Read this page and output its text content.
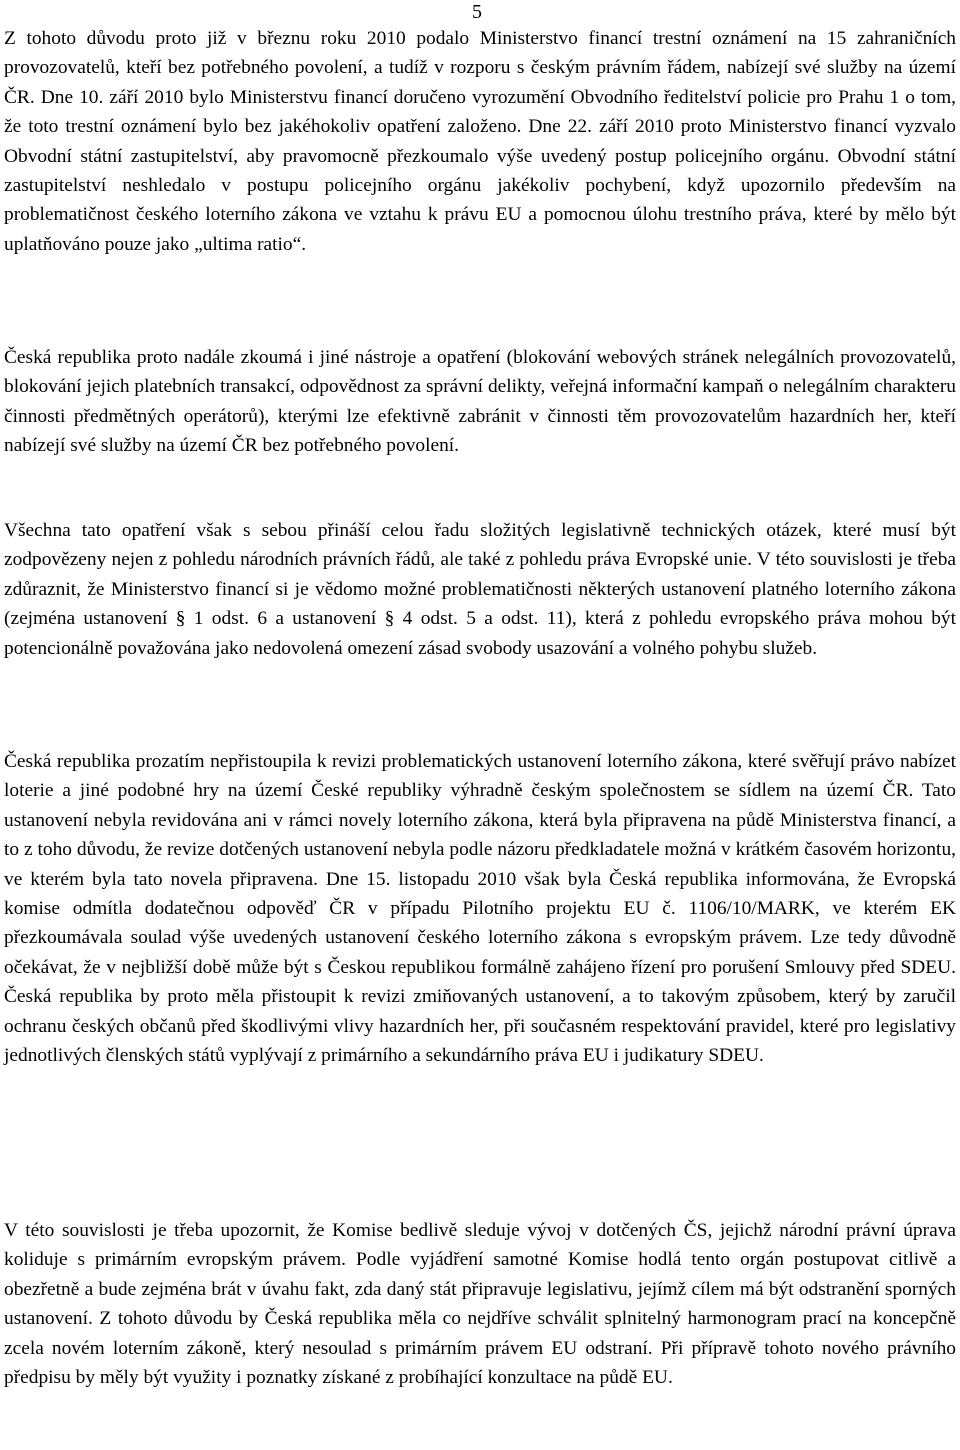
5

Z tohoto důvodu proto již v březnu roku 2010 podalo Ministerstvo financí trestní oznámení na 15 zahraničních provozovatelů, kteří bez potřebného povolení, a tudíž v rozporu s českým právním řádem, nabízejí své služby na území ČR. Dne 10. září 2010 bylo Ministerstvu financí doručeno vyrozumění Obvodního ředitelství policie pro Prahu 1 o tom, že toto trestní oznámení bylo bez jakéhokoliv opatření založeno. Dne 22. září 2010 proto Ministerstvo financí vyzvalo Obvodní státní zastupitelství, aby pravomocně přezkoumalo výše uvedený postup policejního orgánu. Obvodní státní zastupitelství neshledalo v postupu policejního orgánu jakékoliv pochybení, když upozornilo především na problematičnost českého loterního zákona ve vztahu k právu EU a pomocnou úlohu trestního práva, které by mělo být uplatňováno pouze jako „ultima ratio“.

Česká republika proto nadále zkoumá i jiné nástroje a opatření (blokování webových stránek nelegálních provozovatelů, blokování jejich platebních transakcí, odpovědnost za správní delikty, veřejná informační kampaň o nelegálním charakteru činnosti předmětných operátorů), kterými lze efektivně zabránit v činnosti těm provozovatelům hazardních her, kteří nabízejí své služby na území ČR bez potřebného povolení.

Všechna tato opatření však s sebou přináší celou řadu složitých legislativně technických otázek, které musí být zodpovězeny nejen z pohledu národních právních řádů, ale také z pohledu práva Evropské unie. V této souvislosti je třeba zdůraznit, že Ministerstvo financí si je vědomo možné problematičnosti některých ustanovení platného loterního zákona (zejména ustanovení § 1 odst. 6 a ustanovení § 4 odst. 5 a odst. 11), která z pohledu evropského práva mohou být potencionálně považována jako nedovolená omezení zásad svobody usazování a volného pohybu služeb.

Česká republika prozatím nepřistoupila k revizi problematických ustanovení loterního zákona, které svěřují právo nabízet loterie a jiné podobné hry na území České republiky výhradně českým společnostem se sídlem na území ČR. Tato ustanovení nebyla revidována ani v rámci novely loterního zákona, která byla připravena na půdě Ministerstva financí, a to z toho důvodu, že revize dotčených ustanovení nebyla podle názoru předkladatele možná v krátkém časovém horizontu, ve kterém byla tato novela připravena. Dne 15. listopadu 2010 však byla Česká republika informována, že Evropská komise odmítla dodatečnou odpověď ČR v případu Pilotního projektu EU č. 1106/10/MARK, ve kterém EK přezkoumávala soulad výše uvedených ustanovení českého loterního zákona s evropským právem. Lze tedy důvodně očekávat, že v nejbližší době může být s Českou republikou formálně zahájeno řízení pro porušení Smlouvy před SDEU. Česká republika by proto měla přistoupit k revizi zmiňovaných ustanovení, a to takovým způsobem, který by zaručil ochranu českých občanů před škodlivými vlivy hazardních her, při současném respektování pravidel, které pro legislativy jednotlivých členských států vyplývají z primárního a sekundárního práva EU i judikatury SDEU.

V této souvislosti je třeba upozornit, že Komise bedlivě sleduje vývoj v dotčených ČS, jejichž národní právní úprava koliduje s primárním evropským právem. Podle vyjádření samotné Komise hodlá tento orgán postupovat citlivě a obezřetně a bude zejména brát v úvahu fakt, zda daný stát připravuje legislativu, jejímž cílem má být odstranění sporných ustanovení. Z tohoto důvodu by Česká republika měla co nejdříve schválit splnitelný harmonogram prací na koncepčně zcela novém loterním zákoně, který nesoulad s primárním právem EU odstraní. Při přípravě tohoto nového právního předpisu by měly být využity i poznatky získané z probíhající konzultace na půdě EU.
